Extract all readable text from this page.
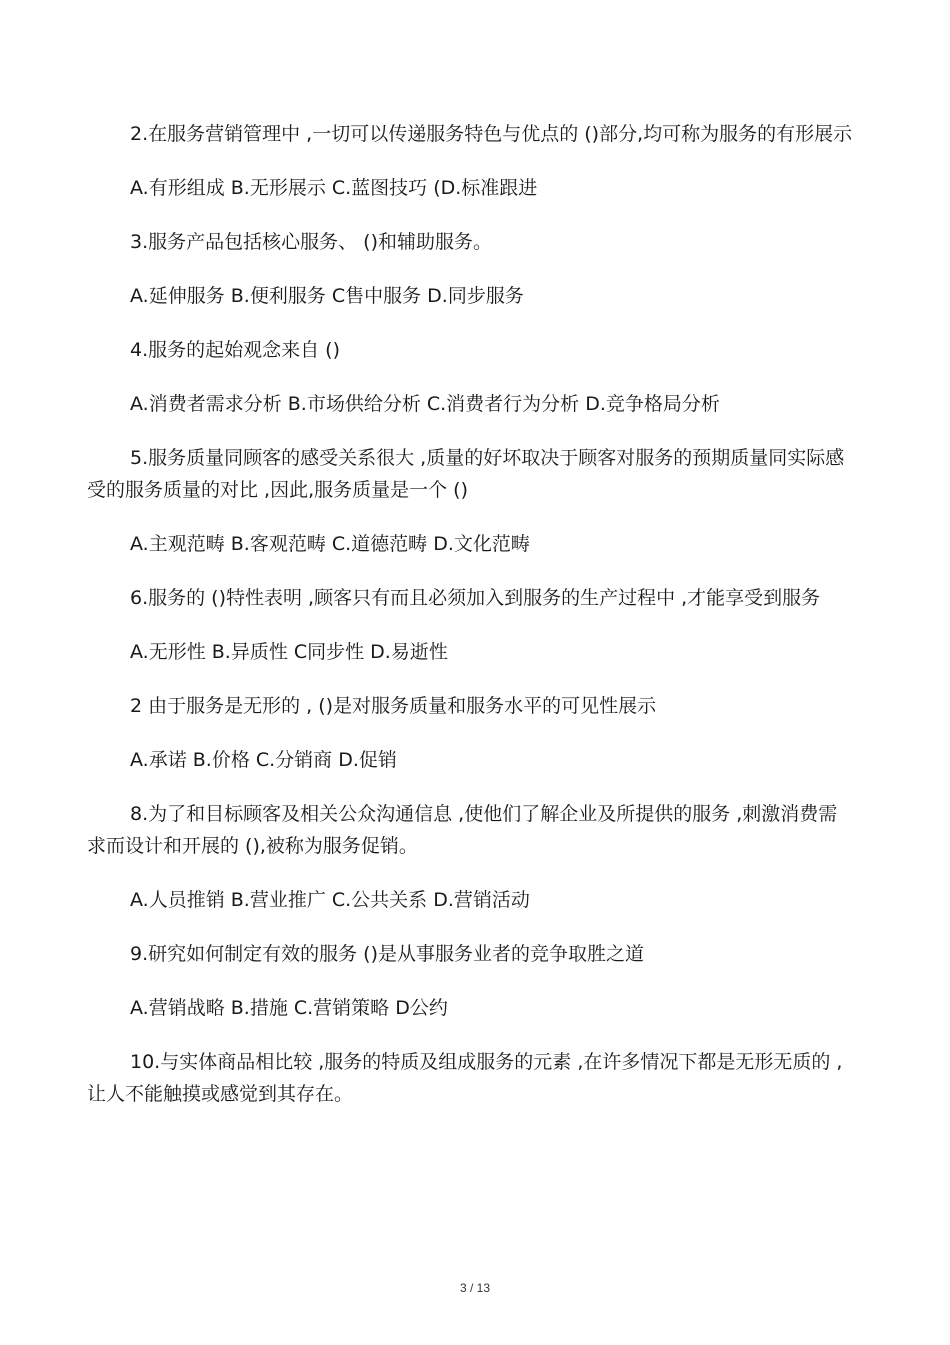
2.在服务营销管理中 ,一切可以传递服务特色与优点的 ()部分,均可称为服务的有形展示

A.有形组成 B.无形展示 C.蓝图技巧 (D.标准跟进

3.服务产品包括核心服务、 ()和辅助服务。

A.延伸服务 B.便利服务 C售中服务 D.同步服务

4.服务的起始观念来自 ()

A.消费者需求分析 B.市场供给分析 C.消费者行为分析 D.竞争格局分析

5.服务质量同顾客的感受关系很大 ,质量的好坏取决于顾客对服务的预期质量同实际感受的服务质量的对比 ,因此,服务质量是一个 ()

A.主观范畴 B.客观范畴 C.道德范畴 D.文化范畴

6.服务的 ()特性表明 ,顾客只有而且必须加入到服务的生产过程中 ,才能享受到服务

A.无形性 B.异质性 C同步性 D.易逝性

2 由于服务是无形的 , ()是对服务质量和服务水平的可见性展示

A.承诺 B.价格 C.分销商 D.促销

8.为了和目标顾客及相关公众沟通信息 ,使他们了解企业及所提供的服务 ,刺激消费需求而设计和开展的 (),被称为服务促销。

A.人员推销 B.营业推广 C.公共关系 D.营销活动

9.研究如何制定有效的服务 ()是从事服务业者的竞争取胜之道

A.营销战略 B.措施 C.营销策略 D公约

10.与实体商品相比较 ,服务的特质及组成服务的元素 ,在许多情况下都是无形无质的 ,让人不能触摸或感觉到其存在。

3 / 13
